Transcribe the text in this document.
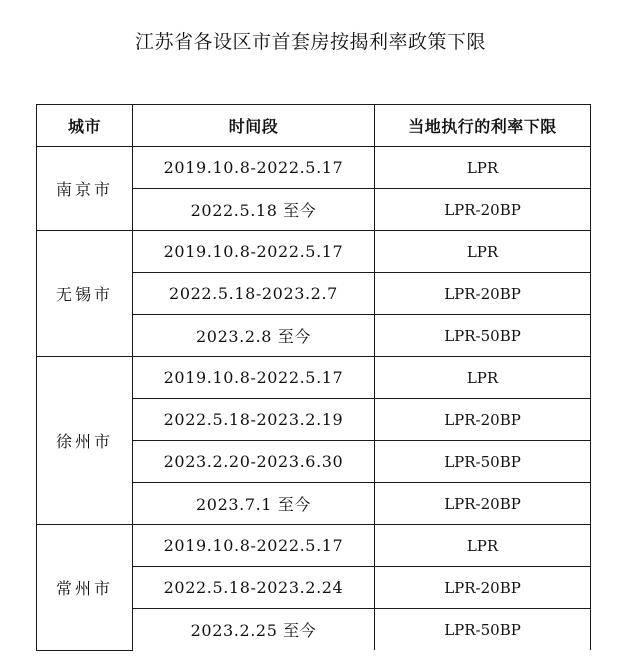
江苏省各设区市首套房按揭利率政策下限
城市	时间段	当地执行的利率下限
南京市	2019.10.8-2022.5.17	LPR
	2022.5.18 至今	LPR-20BP
无锡市	2019.10.8-2022.5.17	LPR
	2022.5.18-2023.2.7	LPR-20BP
	2023.2.8 至今	LPR-50BP
徐州市	2019.10.8-2022.5.17	LPR
	2022.5.18-2023.2.19	LPR-20BP
	2023.2.20-2023.6.30	LPR-50BP
	2023.7.1 至今	LPR-20BP
常州市	2019.10.8-2022.5.17	LPR
	2022.5.18-2023.2.24	LPR-20BP
	2023.2.25 至今	LPR-50BP
